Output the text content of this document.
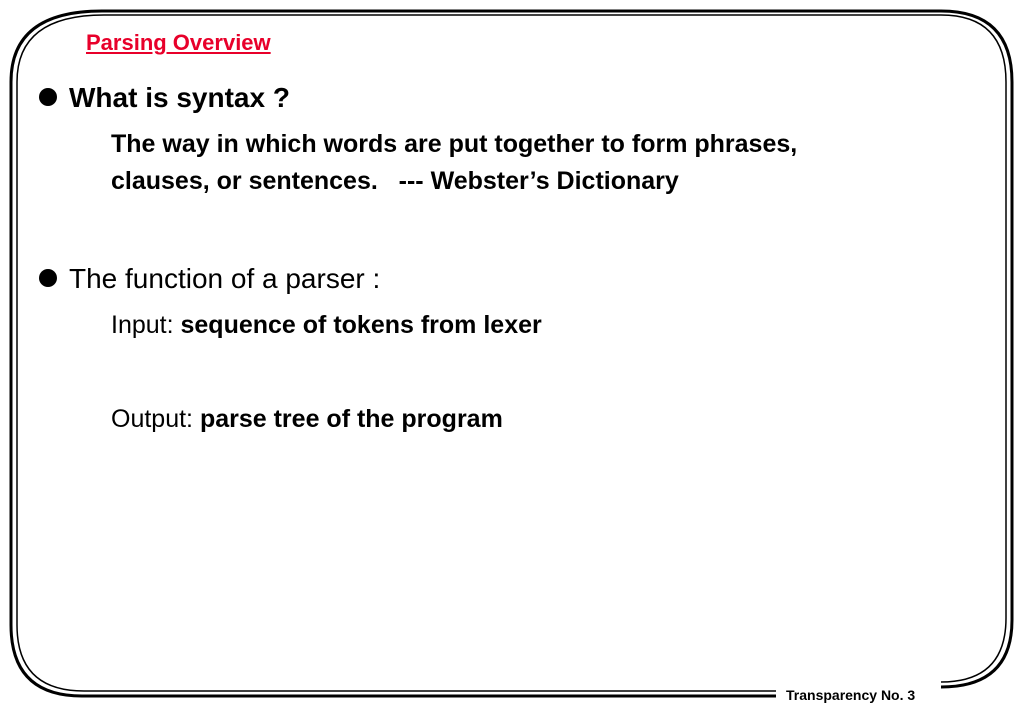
Parsing Overview
What is syntax ?
The way in which words are put together to form phrases,
clauses, or sentences.   --- Webster’s Dictionary
The function of a parser :
Input: sequence of tokens from lexer
Output: parse tree of the program
Transparency No. 3
